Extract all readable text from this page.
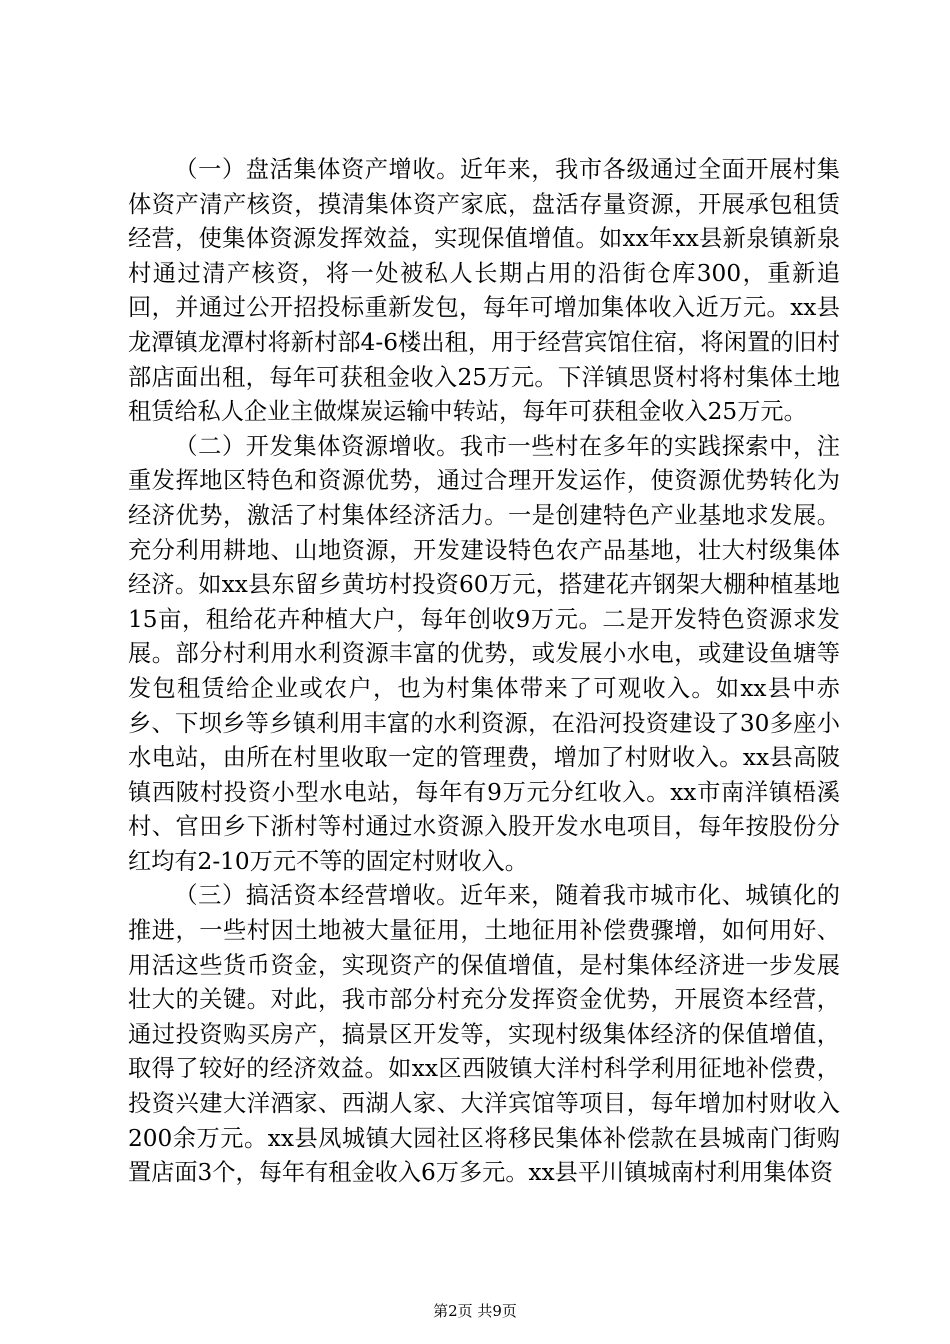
（一）盘活集体资产增收。近年来，我市各级通过全面开展村集体资产清产核资，摸清集体资产家底，盘活存量资源，开展承包租赁经营，使集体资源发挥效益，实现保值增值。如xx年xx县新泉镇新泉村通过清产核资，将一处被私人长期占用的沿街仓库300，重新追回，并通过公开招投标重新发包，每年可增加集体收入近万元。xx县龙潭镇龙潭村将新村部4-6楼出租，用于经营宾馆住宿，将闲置的旧村部店面出租，每年可获租金收入25万元。下洋镇思贤村将村集体土地租赁给私人企业主做煤炭运输中转站，每年可获租金收入25万元。

（二）开发集体资源增收。我市一些村在多年的实践探索中，注重发挥地区特色和资源优势，通过合理开发运作，使资源优势转化为经济优势，激活了村集体经济活力。一是创建特色产业基地求发展。充分利用耕地、山地资源，开发建设特色农产品基地，壮大村级集体经济。如xx县东留乡黄坊村投资60万元，搭建花卉钢架大棚种植基地15亩，租给花卉种植大户，每年创收9万元。二是开发特色资源求发展。部分村利用水利资源丰富的优势，或发展小水电，或建设鱼塘等发包租赁给企业或农户，也为村集体带来了可观收入。如xx县中赤乡、下坝乡等乡镇利用丰富的水利资源，在沿河投资建设了30多座小水电站，由所在村里收取一定的管理费，增加了村财收入。xx县高陂镇西陂村投资小型水电站，每年有9万元分红收入。xx市南洋镇梧溪村、官田乡下浙村等村通过水资源入股开发水电项目，每年按股份分红均有2-10万元不等的固定村财收入。

（三）搞活资本经营增收。近年来，随着我市城市化、城镇化的推进，一些村因土地被大量征用，土地征用补偿费骤增，如何用好、用活这些货币资金，实现资产的保值增值，是村集体经济进一步发展壮大的关键。对此，我市部分村充分发挥资金优势，开展资本经营，通过投资购买房产，搞景区开发等，实现村级集体经济的保值增值，取得了较好的经济效益。如xx区西陂镇大洋村科学利用征地补偿费，投资兴建大洋酒家、西湖人家、大洋宾馆等项目，每年增加村财收入200余万元。xx县凤城镇大园社区将移民集体补偿款在县城南门街购置店面3个，每年有租金收入6万多元。xx县平川镇城南村利用集体资

第2页 共9页
